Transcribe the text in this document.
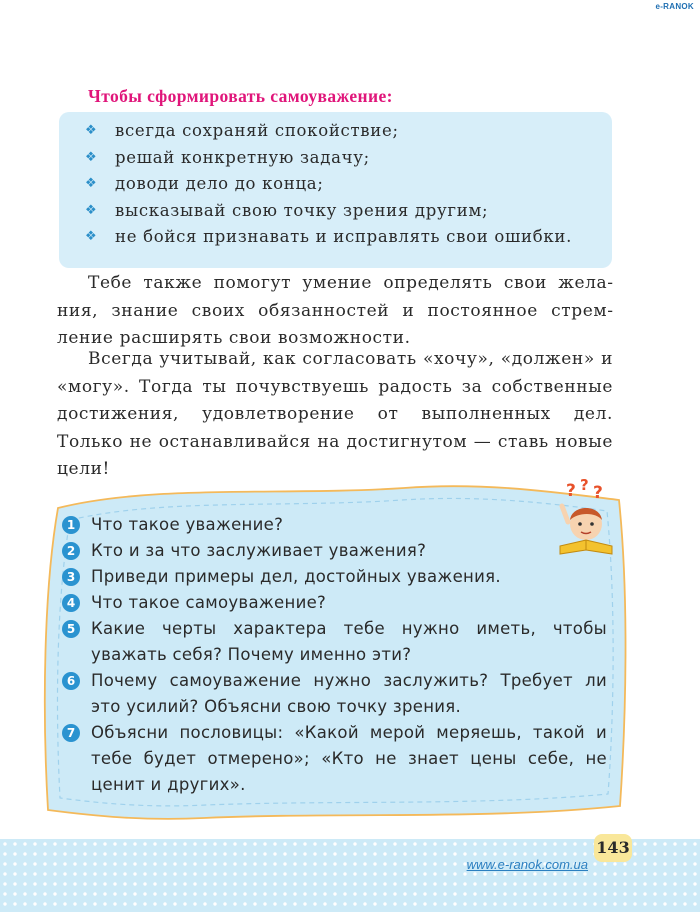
e-RANOK
Чтобы сформировать самоуважение:
❖ всегда сохраняй спокойствие;
❖ решай конкретную задачу;
❖ доводи дело до конца;
❖ высказывай свою точку зрения другим;
❖ не бойся признавать и исправлять свои ошибки.

Тебе также помогут умение определять свои желания, знание своих обязанностей и постоянное стремление расширять свои возможности.

Всегда учитывай, как согласовать «хочу», «должен» и «могу». Тогда ты почувствуешь радость за собственные достижения, удовлетворение от выполненных дел. Только не останавливайся на достигнутом — ставь новые цели!

1 Что такое уважение?
2 Кто и за что заслуживает уважения?
3 Приведи примеры дел, достойных уважения.
4 Что такое самоуважение?
5 Какие черты характера тебе нужно иметь, чтобы уважать себя? Почему именно эти?
6 Почему самоуважение нужно заслужить? Требует ли это усилий? Объясни свою точку зрения.
7 Объясни пословицы: «Какой мерой меряешь, такой и тебе будет отмерено»; «Кто не знает цены себе, не ценит и других».
? ? ?
143
www.e-ranok.com.ua
